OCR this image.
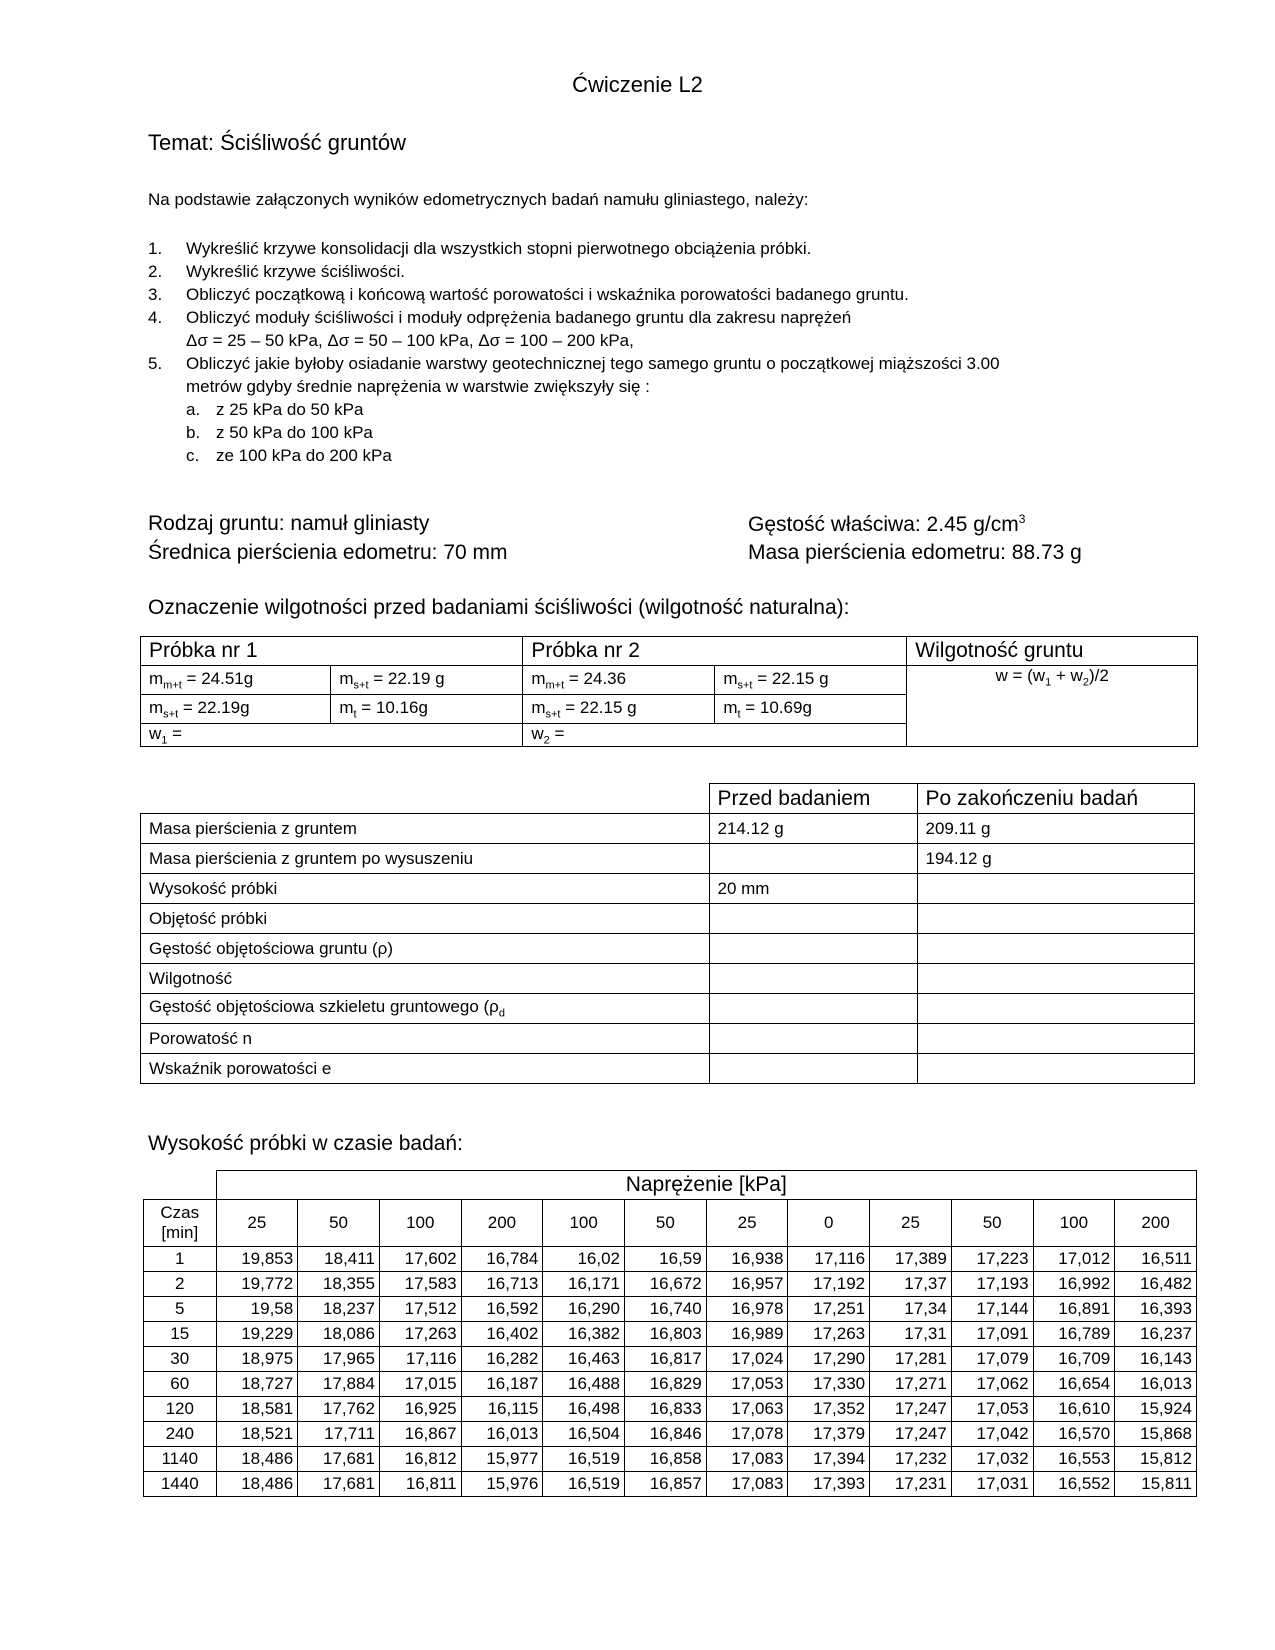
Ćwiczenie L2
Temat: Ściśliwość gruntów
Na podstawie załączonych wyników edometrycznych badań namułu gliniastego, należy:
1.	Wykreślić krzywe konsolidacji dla wszystkich stopni pierwotnego obciążenia próbki.
2.	Wykreślić krzywe ściśliwości.
3.	Obliczyć początkową i końcową wartość porowatości i wskaźnika porowatości badanego gruntu.
4.	Obliczyć moduły ściśliwości i moduły odprężenia badanego gruntu dla zakresu naprężeń
Δσ = 25 – 50 kPa, Δσ = 50 – 100 kPa, Δσ = 100 – 200 kPa,
5.	Obliczyć jakie byłoby osiadanie warstwy geotechnicznej tego samego gruntu o początkowej miąższości 3.00
metrów gdyby średnie naprężenia w warstwie zwiększyły się :
a. z 25 kPa do 50 kPa
b. z 50 kPa do 100 kPa
c. ze 100 kPa do 200 kPa
Rodzaj gruntu: namuł gliniasty
Średnica pierścienia edometru: 70 mm
Gęstość właściwa: 2.45 $g/cm^3$
Masa pierścienia edometru: 88.73 g
Oznaczenie wilgotności przed badaniami ściśliwości (wilgotność naturalna):
Próbka nr 1		Próbka nr 2		Wilgotność gruntu
$m_{m+t} = 24.51g$	$m_{s+t} = 22.19$ g	$m_{m+t} = 24.36$	$m_{s+t} = 22.15$ g	$w = (w_1 + w_2)/2$
$m_{s+t} = 22.19g$	$m_t = 10.16g$	$m_{s+t} = 22.15$ g	$m_t = 10.69g$	
$w_1$ =		$w_2$ =		
	Przed badaniem	Po zakończeniu badań
Masa pierścienia z gruntem	214.12 g	209.11 g
Masa pierścienia z gruntem po wysuszeniu		194.12 g
Wysokość próbki	20 mm	
Objętość próbki		
Gęstość objętościowa gruntu (ρ)		
Wilgotność		
Gęstość objętościowa szkieletu gruntowego ($\rho_d$		
Porowatość n		
Wskaźnik porowatości e		
Wysokość próbki w czasie badań:
	Naprężenie [kPa]											
Czas
[min]	25	50	100	200	100	50	25	0	25	50	100	200
1	19,853	18,411	17,602	16,784	16,02	16,59	16,938	17,116	17,389	17,223	17,012	16,511
2	19,772	18,355	17,583	16,713	16,171	16,672	16,957	17,192	17,37	17,193	16,992	16,482
5	19,58	18,237	17,512	16,592	16,290	16,740	16,978	17,251	17,34	17,144	16,891	16,393
15	19,229	18,086	17,263	16,402	16,382	16,803	16,989	17,263	17,31	17,091	16,789	16,237
30	18,975	17,965	17,116	16,282	16,463	16,817	17,024	17,290	17,281	17,079	16,709	16,143
60	18,727	17,884	17,015	16,187	16,488	16,829	17,053	17,330	17,271	17,062	16,654	16,013
120	18,581	17,762	16,925	16,115	16,498	16,833	17,063	17,352	17,247	17,053	16,610	15,924
240	18,521	17,711	16,867	16,013	16,504	16,846	17,078	17,379	17,247	17,042	16,570	15,868
1140	18,486	17,681	16,812	15,977	16,519	16,858	17,083	17,394	17,232	17,032	16,553	15,812
1440	18,486	17,681	16,811	15,976	16,519	16,857	17,083	17,393	17,231	17,031	16,552	15,811
